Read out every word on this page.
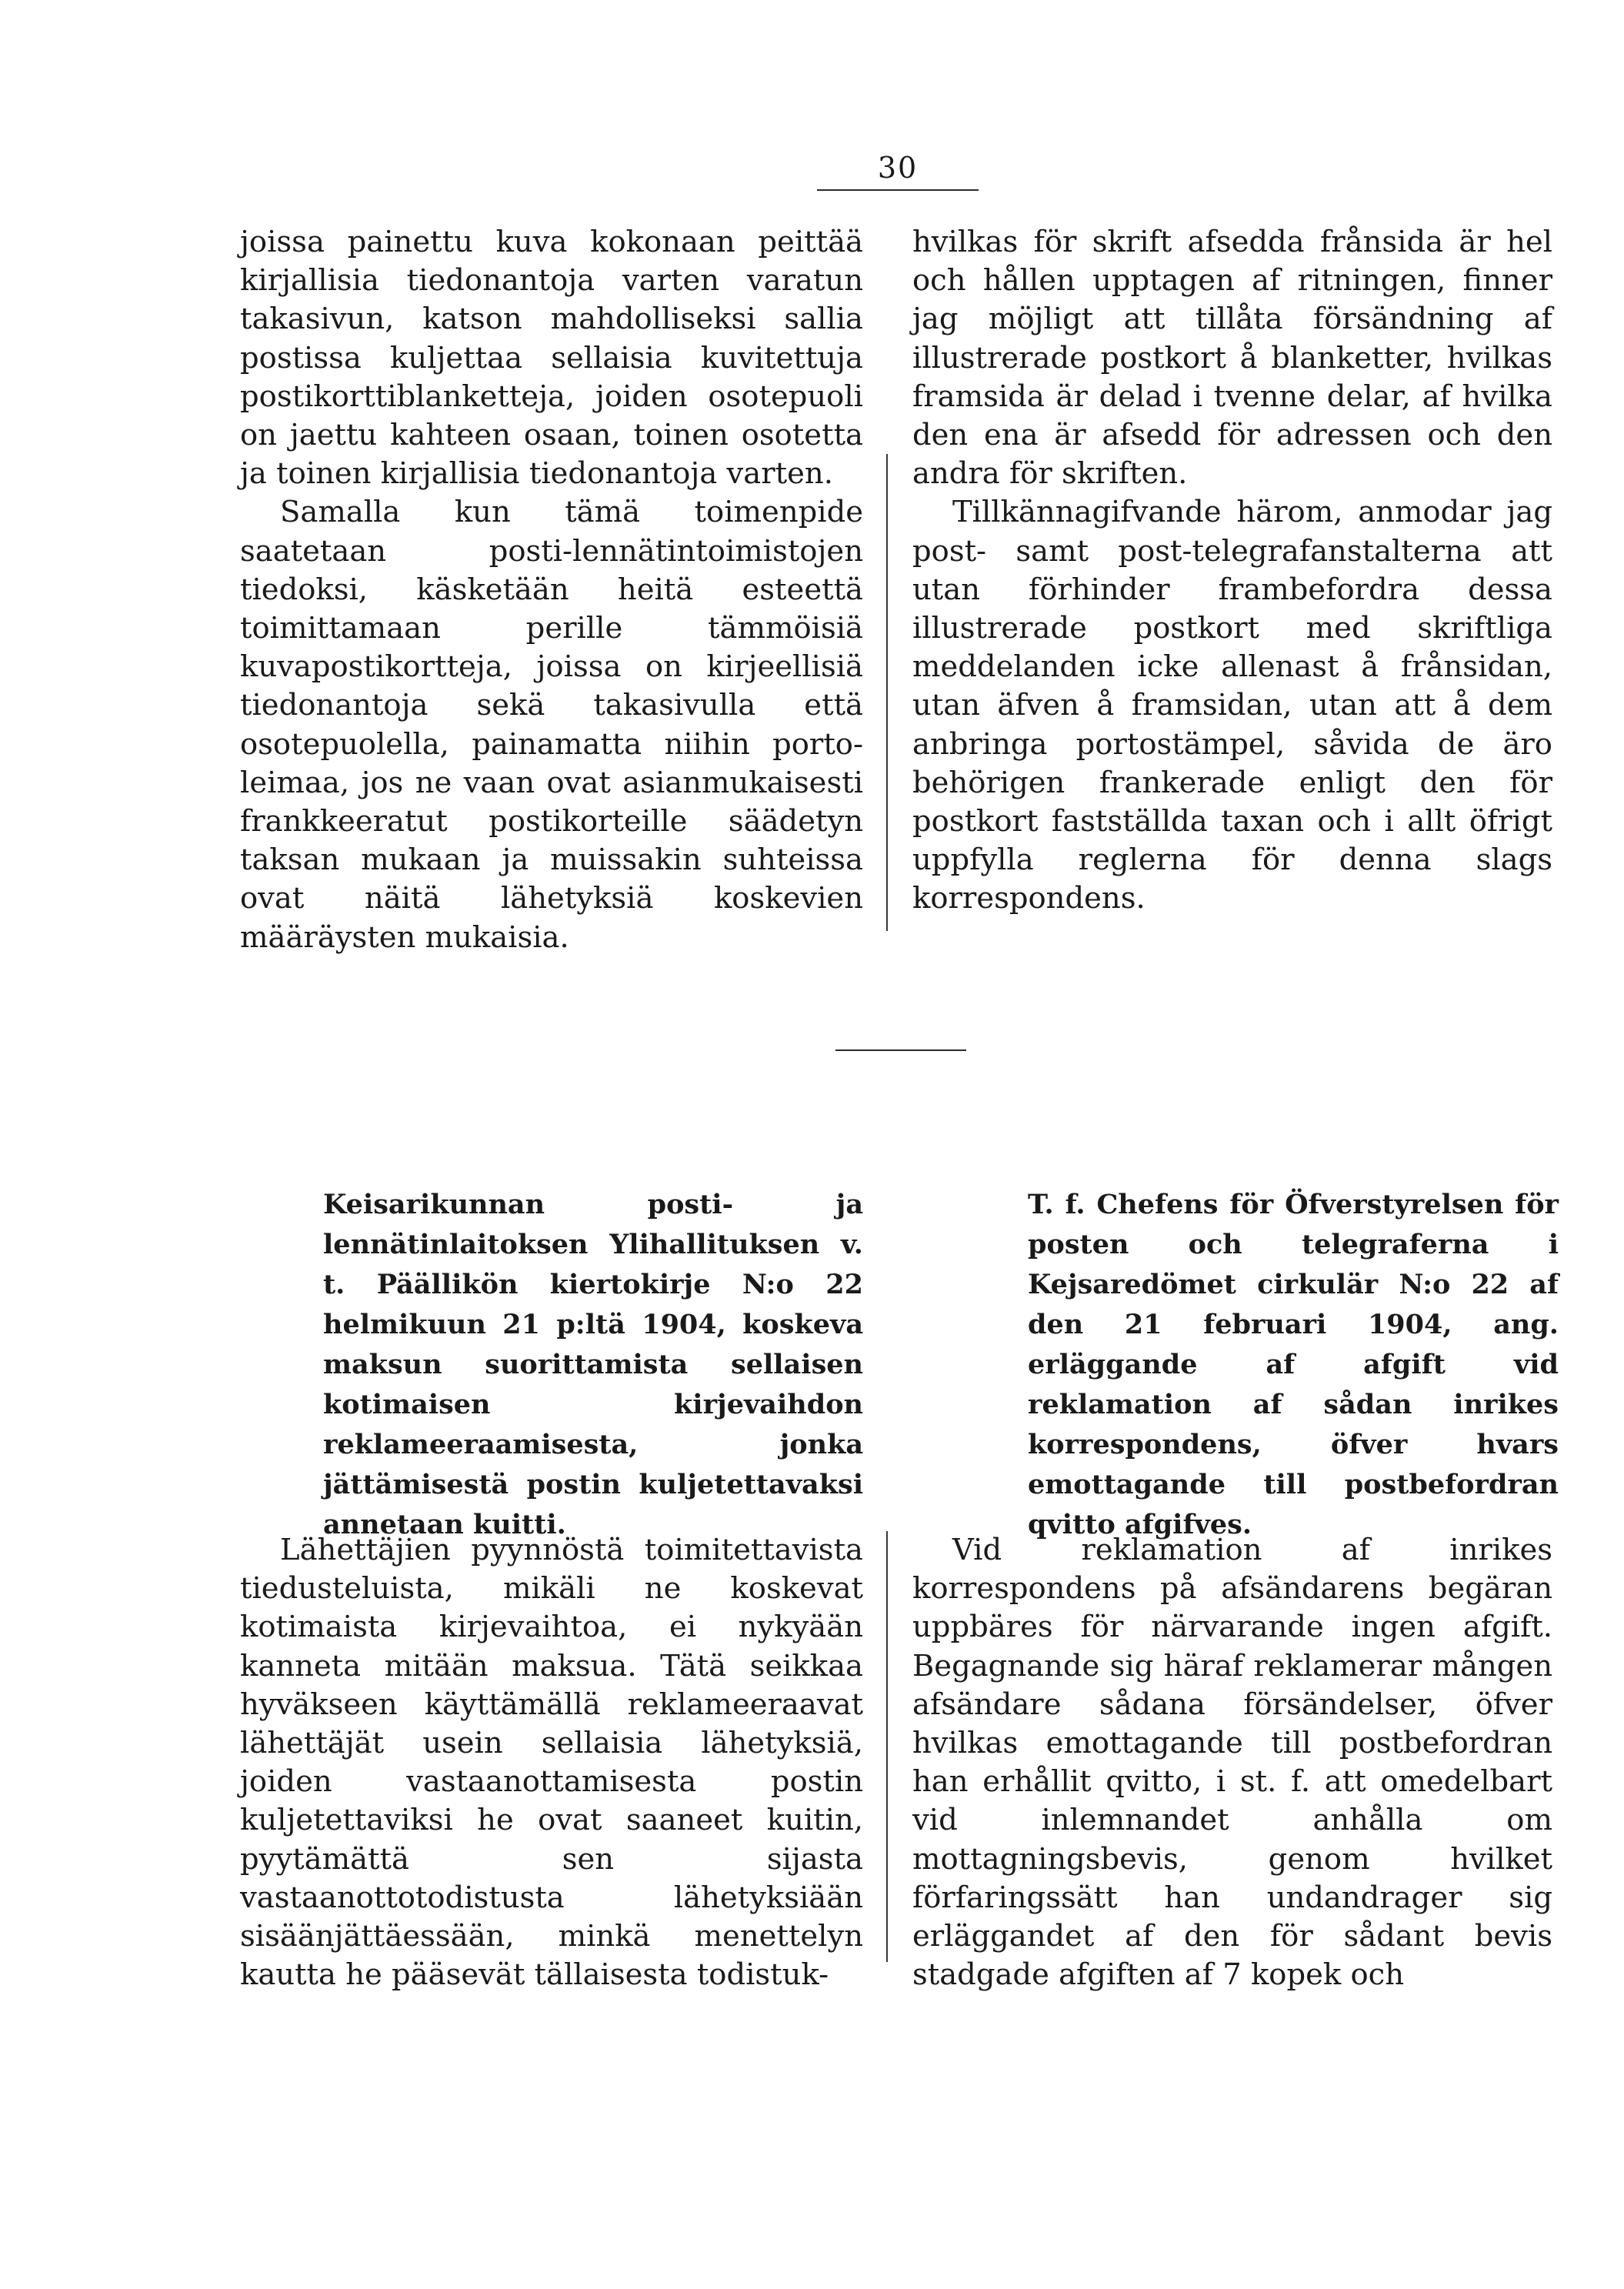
30

joissa painettu kuva kokonaan peittää kirjallisia tiedonantoja varten varatun takasivun, katson mahdolliseksi sallia postissa kuljettaa sellaisia kuvitettuja postikorttiblanketteja, joiden osotepuoli on jaettu kahteen osaan, toinen osotetta ja toinen kirjallisia tiedonantoja varten.

Samalla kun tämä toimenpide saatetaan posti-lennätintoimistojen tiedoksi, käsketään heitä esteettä toimittamaan perille tämmöisiä kuvapostikortteja, joissa on kirjeellisiä tiedonantoja sekä takasivulla että osotepuolella, painamatta niihin porto-leimaa, jos ne vaan ovat asianmukaisesti frankkeeratut postikorteille säädetyn taksan mukaan ja muissakin suhteissa ovat näitä lähetyksiä koskevien määräysten mukaisia.

hvilkas för skrift afsedda frånsida är hel och hållen upptagen af ritningen, finner jag möjligt att tillåta försändning af illustrerade postkort å blanketter, hvilkas framsida är delad i tvenne delar, af hvilka den ena är afsedd för adressen och den andra för skriften.

Tillkännagifvande härom, anmodar jag post- samt post-telegrafanstalterna att utan förhinder frambefordra dessa illustrerade postkort med skriftliga meddelanden icke allenast å frånsidan, utan äfven å framsidan, utan att å dem anbringa portostämpel, såvida de äro behörigen frankerade enligt den för postkort fastställda taxan och i allt öfrigt uppfylla reglerna för denna slags korrespondens.

Keisarikunnan posti- ja lennätinlaitoksen Ylihallituksen v. t. Päällikön kiertokirje N:o 22 helmikuun 21 p:ltä 1904, koskeva maksun suorittamista sellaisen kotimaisen kirjevaihdon reklameeraamisesta, jonka jättämisestä postin kuljetettavaksi annetaan kuitti.

T. f. Chefens för Öfverstyrelsen för posten och telegraferna i Kejsaredömet cirkulär N:o 22 af den 21 februari 1904, ang. erläggande af afgift vid reklamation af sådan inrikes korrespondens, öfver hvars emottagande till postbefordran qvitto afgifves.

Lähettäjien pyynnöstä toimitettavista tiedusteluista, mikäli ne koskevat kotimaista kirjevaihtoa, ei nykyään kanneta mitään maksua. Tätä seikkaa hyväkseen käyttämällä reklameeraavat lähettäjät usein sellaisia lähetyksiä, joiden vastaanottamisesta postin kuljetettaviksi he ovat saaneet kuitin, pyytämättä sen sijasta vastaanottotodistusta lähetyksiään sisäänjättäessään, minkä menettelyn kautta he pääsevät tällaisesta todistuk-

Vid reklamation af inrikes korrespondens på afsändarens begäran uppbäres för närvarande ingen afgift. Begagnande sig häraf reklamerar mången afsändare sådana försändelser, öfver hvilkas emottagande till postbefordran han erhållit qvitto, i st. f. att omedelbart vid inlemnandet anhålla om mottagningsbevis, genom hvilket förfaringssätt han undandrager sig erläggandet af den för sådant bevis stadgade afgiften af 7 kopek och
